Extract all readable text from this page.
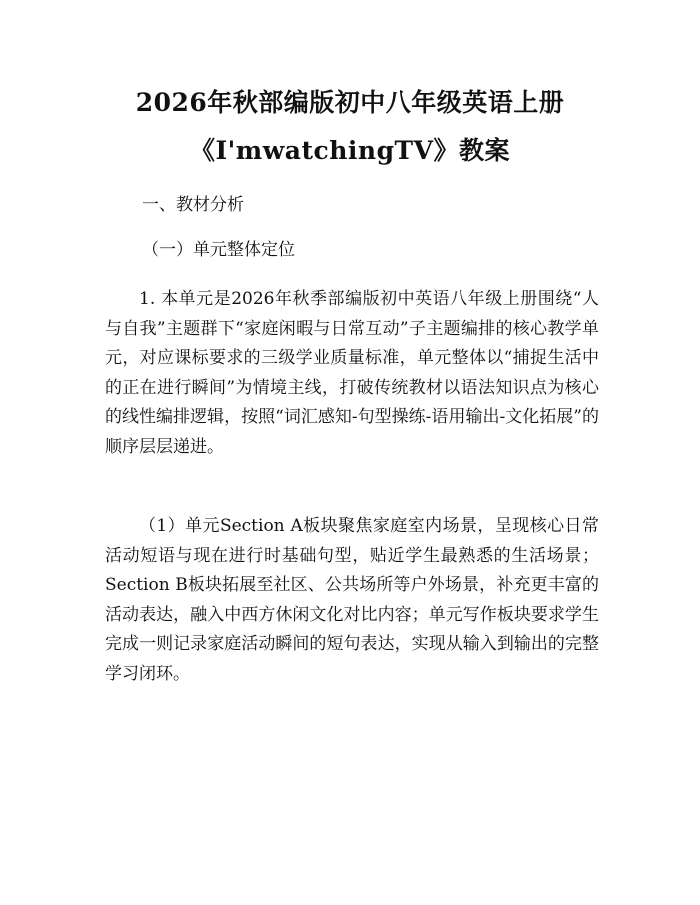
2026年秋部编版初中八年级英语上册
《I'mwatchingTV》教案
一、教材分析
（一）单元整体定位

1. 本单元是2026年秋季部编版初中英语八年级上册围绕“人与自我”主题群下“家庭闲暇与日常互动”子主题编排的核心教学单元，对应课标要求的三级学业质量标准，单元整体以“捕捉生活中的正在进行瞬间”为情境主线，打破传统教材以语法知识点为核心的线性编排逻辑，按照“词汇感知-句型操练-语用输出-文化拓展”的顺序层层递进。

（1）单元Section A板块聚焦家庭室内场景，呈现核心日常活动短语与现在进行时基础句型，贴近学生最熟悉的生活场景；Section B板块拓展至社区、公共场所等户外场景，补充更丰富的活动表达，融入中西方休闲文化对比内容；单元写作板块要求学生完成一则记录家庭活动瞬间的短句表达，实现从输入到输出的完整学习闭环。
